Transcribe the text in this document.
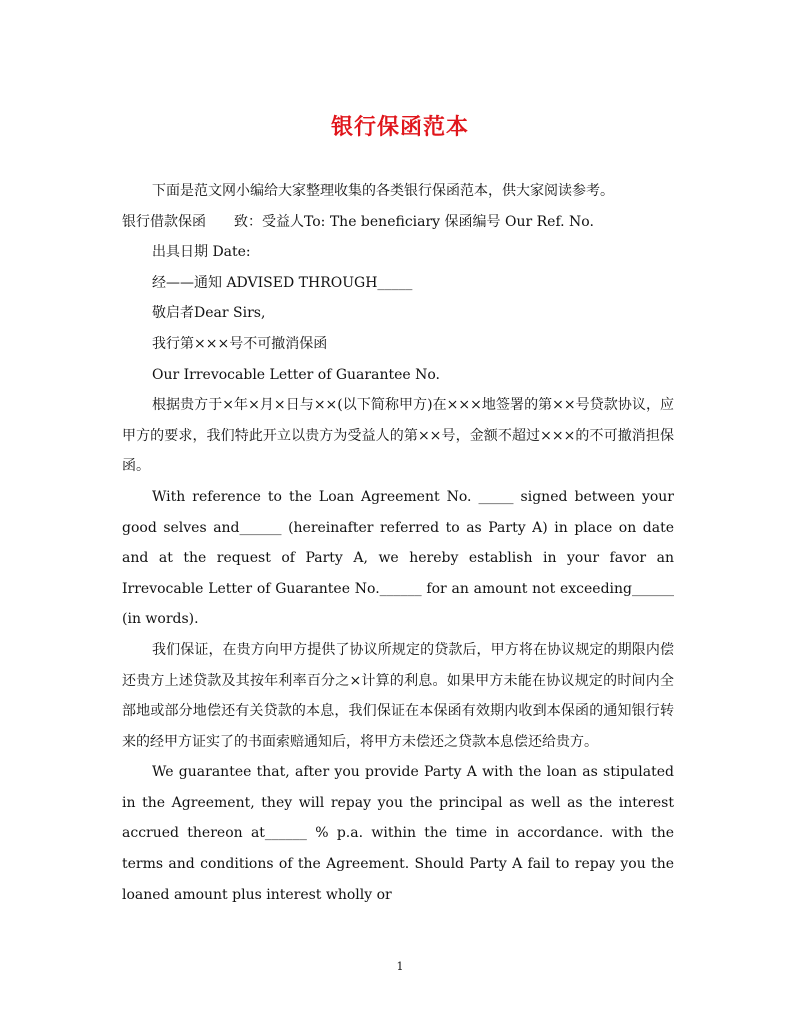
银行保函范本

下面是范文网小编给大家整理收集的各类银行保函范本，供大家阅读参考。

银行借款保函　　致：受益人To: The beneficiary 保函编号 Our Ref. No.

出具日期 Date:

经——通知 ADVISED THROUGH_____

敬启者Dear Sirs,

我行第×××号不可撤消保函

Our Irrevocable Letter of Guarantee No.

根据贵方于×年×月×日与××(以下简称甲方)在×××地签署的第××号贷款协议，应甲方的要求，我们特此开立以贵方为受益人的第××号，金额不超过×××的不可撤消担保函。

With reference to the Loan Agreement No. _____ signed between your good selves and______ (hereinafter referred to as Party A) in place on date and at the request of Party A, we hereby establish in your favor an Irrevocable Letter of Guarantee No.______ for an amount not exceeding______ (in words).

我们保证，在贵方向甲方提供了协议所规定的贷款后，甲方将在协议规定的期限内偿还贵方上述贷款及其按年利率百分之×计算的利息。如果甲方未能在协议规定的时间内全部地或部分地偿还有关贷款的本息，我们保证在本保函有效期内收到本保函的通知银行转来的经甲方证实了的书面索赔通知后，将甲方未偿还之贷款本息偿还给贵方。

We guarantee that, after you provide Party A with the loan as stipulated in the Agreement, they will repay you the principal as well as the interest accrued thereon at______ % p.a. within the time in accordance. with the terms and conditions of the Agreement. Should Party A fail to repay you the loaned amount plus interest wholly or

1
